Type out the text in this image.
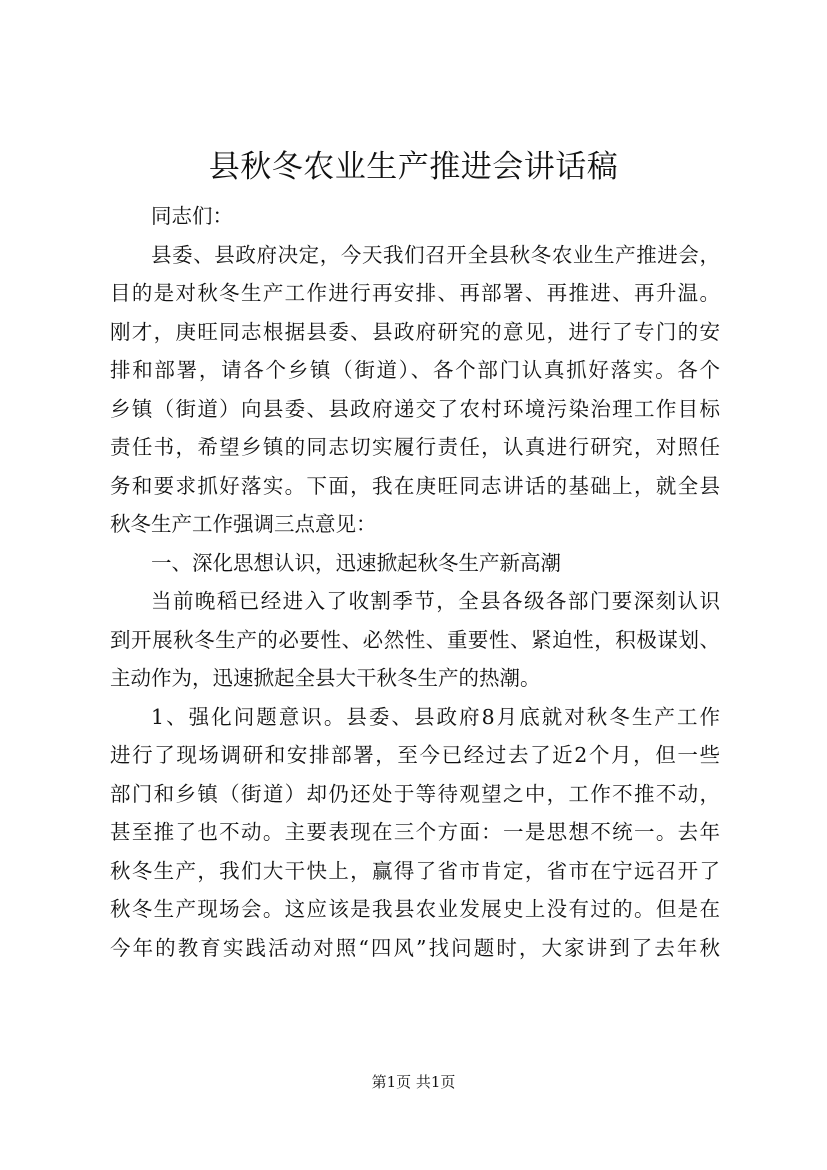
县秋冬农业生产推进会讲话稿
同志们：
县委、县政府决定，今天我们召开全县秋冬农业生产推进会，
目的是对秋冬生产工作进行再安排、再部署、再推进、再升温。
刚才，庚旺同志根据县委、县政府研究的意见，进行了专门的安
排和部署，请各个乡镇（街道）、各个部门认真抓好落实。各个
乡镇（街道）向县委、县政府递交了农村环境污染治理工作目标
责任书，希望乡镇的同志切实履行责任，认真进行研究，对照任
务和要求抓好落实。下面，我在庚旺同志讲话的基础上，就全县
秋冬生产工作强调三点意见：
一、深化思想认识，迅速掀起秋冬生产新高潮
当前晚稻已经进入了收割季节，全县各级各部门要深刻认识
到开展秋冬生产的必要性、必然性、重要性、紧迫性，积极谋划、
主动作为，迅速掀起全县大干秋冬生产的热潮。
1、强化问题意识。县委、县政府8月底就对秋冬生产工作
进行了现场调研和安排部署，至今已经过去了近2个月，但一些
部门和乡镇（街道）却仍还处于等待观望之中，工作不推不动，
甚至推了也不动。主要表现在三个方面：一是思想不统一。去年
秋冬生产，我们大干快上，赢得了省市肯定，省市在宁远召开了
秋冬生产现场会。这应该是我县农业发展史上没有过的。但是在
今年的教育实践活动对照“四风”找问题时，大家讲到了去年秋
第1页 共1页
